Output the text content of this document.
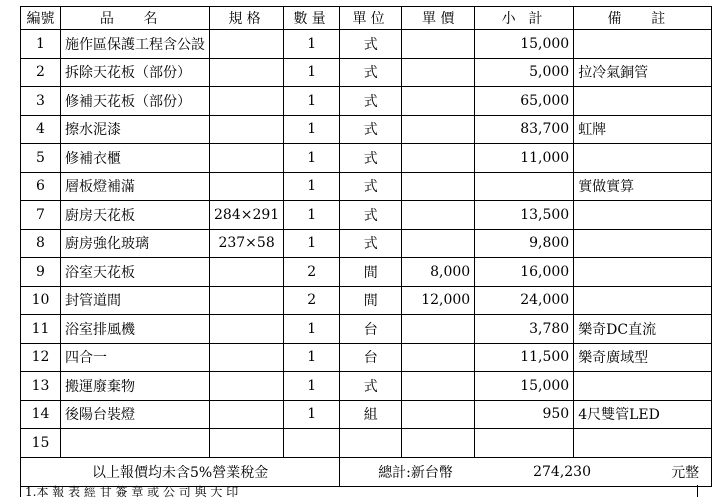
編號	品 名	規格	數量	單位	單 價	小 計	備 註
1	施作區保護工程含公設		1	式		15,000	
2	拆除天花板（部份）		1	式		5,000	拉冷氣銅管
3	修補天花板（部份）		1	式		65,000	
4	擦水泥漆		1	式		83,700	虹牌
5	修補衣櫃		1	式		11,000	
6	層板燈補滿		1	式			實做實算
7	廚房天花板	284×291	1	式		13,500	
8	廚房強化玻璃	237×58	1	式		9,800	
9	浴室天花板		2	間	8,000	16,000	
10	封管道間		2	間	12,000	24,000	
11	浴室排風機		1	台		3,780	樂奇DC直流
12	四合一		1	台		11,500	樂奇廣域型
13	搬運廢棄物		1	式		15,000	
14	後陽台裝燈		1	組		950	4尺雙管LED
15							
以上報價均未含5%營業稅金				總計:新台幣 274,230 元整			
1.本 報 表 經 甘 簽 章 或 公 司 與 大 印
